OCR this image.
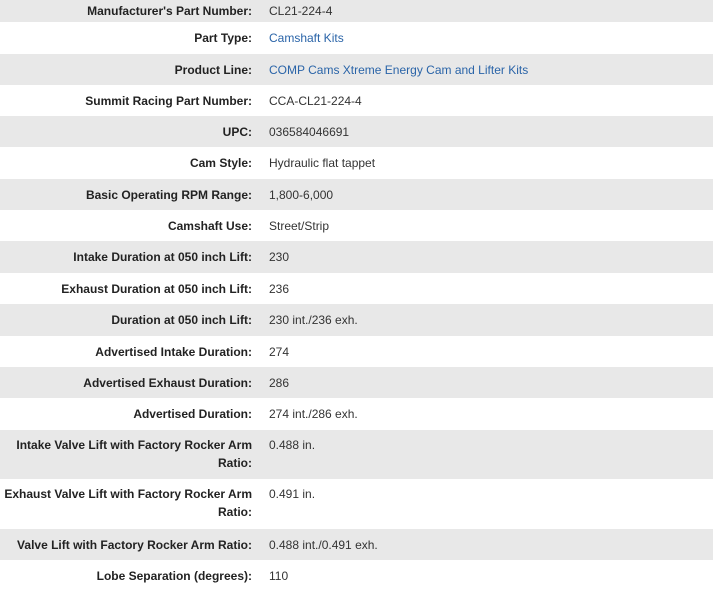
Manufacturer's Part Number:	CL21-224-4
Part Type:	Camshaft Kits
Product Line:	COMP Cams Xtreme Energy Cam and Lifter Kits
Summit Racing Part Number:	CCA-CL21-224-4
UPC:	036584046691
Cam Style:	Hydraulic flat tappet
Basic Operating RPM Range:	1,800-6,000
Camshaft Use:	Street/Strip
Intake Duration at 050 inch Lift:	230
Exhaust Duration at 050 inch Lift:	236
Duration at 050 inch Lift:	230 int./236 exh.
Advertised Intake Duration:	274
Advertised Exhaust Duration:	286
Advertised Duration:	274 int./286 exh.
Intake Valve Lift with Factory Rocker Arm Ratio:
0.488 in.
Exhaust Valve Lift with Factory Rocker Arm Ratio:
0.491 in.
Valve Lift with Factory Rocker Arm Ratio:	0.488 int./0.491 exh.
Lobe Separation (degrees):	110
